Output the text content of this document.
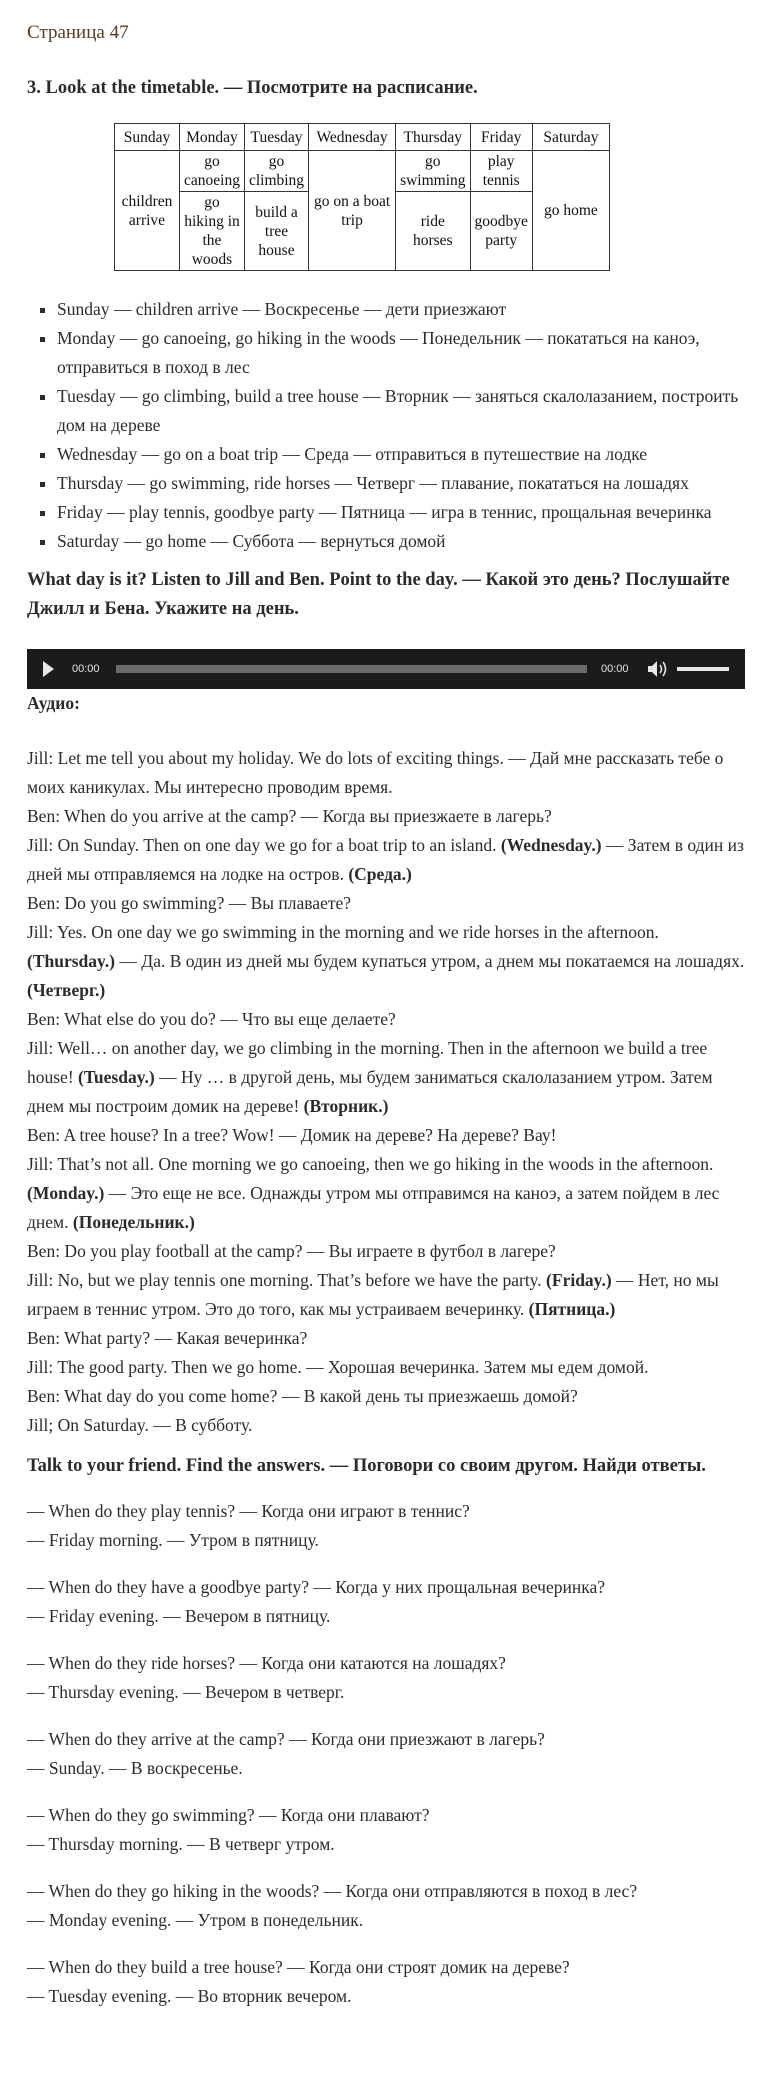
Страница 47

3. Look at the timetable. — Посмотрите на расписание.

Sunday	Monday	Tuesday	Wednesday	Thursday	Friday	Saturday
children arrive	go canoeing	go climbing	go on a boat trip	go swimming	play tennis	go home
	go hiking in the woods	build a tree house		ride horses	goodbye party	
▪ Sunday — children arrive — Воскресенье — дети приезжают
▪ Monday — go canoeing, go hiking in the woods — Понедельник — покататься на каноэ, отправиться в поход в лес
▪ Tuesday — go climbing, build a tree house — Вторник — заняться скалолазанием, построить дом на дереве
▪ Wednesday — go on a boat trip — Среда — отправиться в путешествие на лодке
▪ Thursday — go swimming, ride horses — Четверг — плавание, покататься на лошадях
▪ Friday — play tennis, goodbye party — Пятница — игра в теннис, прощальная вечеринка
▪ Saturday — go home — Суббота — вернуться домой

What day is it? Listen to Jill and Ben. Point to the day. — Какой это день? Послушайте Джилл и Бена. Укажите на день.

00:00	00:00
Аудио:

Jill: Let me tell you about my holiday. We do lots of exciting things. — Дай мне рассказать тебе о моих каникулах. Мы интересно проводим время.

Ben: When do you arrive at the camp? — Когда вы приезжаете в лагерь?

Jill: On Sunday. Then on one day we go for a boat trip to an island. (Wednesday.) — Затем в один из дней мы отправляемся на лодке на остров. (Среда.)

Ben: Do you go swimming? — Вы плаваете?

Jill: Yes. On one day we go swimming in the morning and we ride horses in the afternoon. (Thursday.) — Да. В один из дней мы будем купаться утром, а днем мы покатаемся на лошадях. (Четверг.)

Ben: What else do you do? — Что вы еще делаете?

Jill: Well… on another day, we go climbing in the morning. Then in the afternoon we build a tree house! (Tuesday.) — Ну … в другой день, мы будем заниматься скалолазанием утром. Затем днем мы построим домик на дереве! (Вторник.)

Ben: A tree house? In a tree? Wow! — Домик на дереве? На дереве? Вау!

Jill: That’s not all. One morning we go canoeing, then we go hiking in the woods in the afternoon. (Monday.) — Это еще не все. Однажды утром мы отправимся на каноэ, а затем пойдем в лес днем. (Понедельник.)

Ben: Do you play football at the camp? — Вы играете в футбол в лагере?

Jill: No, but we play tennis one morning. That’s before we have the party. (Friday.) — Нет, но мы играем в теннис утром. Это до того, как мы устраиваем вечеринку. (Пятница.)

Ben: What party? — Какая вечеринка?

Jill: The good party. Then we go home. — Хорошая вечеринка. Затем мы едем домой.

Ben: What day do you come home? — В какой день ты приезжаешь домой?

Jill; On Saturday. — В субботу.

Talk to your friend. Find the answers. — Поговори со своим другом. Найди ответы.

— When do they play tennis? — Когда они играют в теннис?

— Friday morning. — Утром в пятницу.

— When do they have a goodbye party? — Когда у них прощальная вечеринка?

— Friday evening. — Вечером в пятницу.

— When do they ride horses? — Когда они катаются на лошадях?

— Thursday evening. — Вечером в четверг.

— When do they arrive at the camp? — Когда они приезжают в лагерь?

— Sunday. — В воскресенье.

— When do they go swimming? — Когда они плавают?

— Thursday morning. — В четверг утром.

— When do they go hiking in the woods? — Когда они отправляются в поход в лес?

— Monday evening. — Утром в понедельник.

— When do they build a tree house? — Когда они строят домик на дереве?

— Tuesday evening. — Во вторник вечером.
